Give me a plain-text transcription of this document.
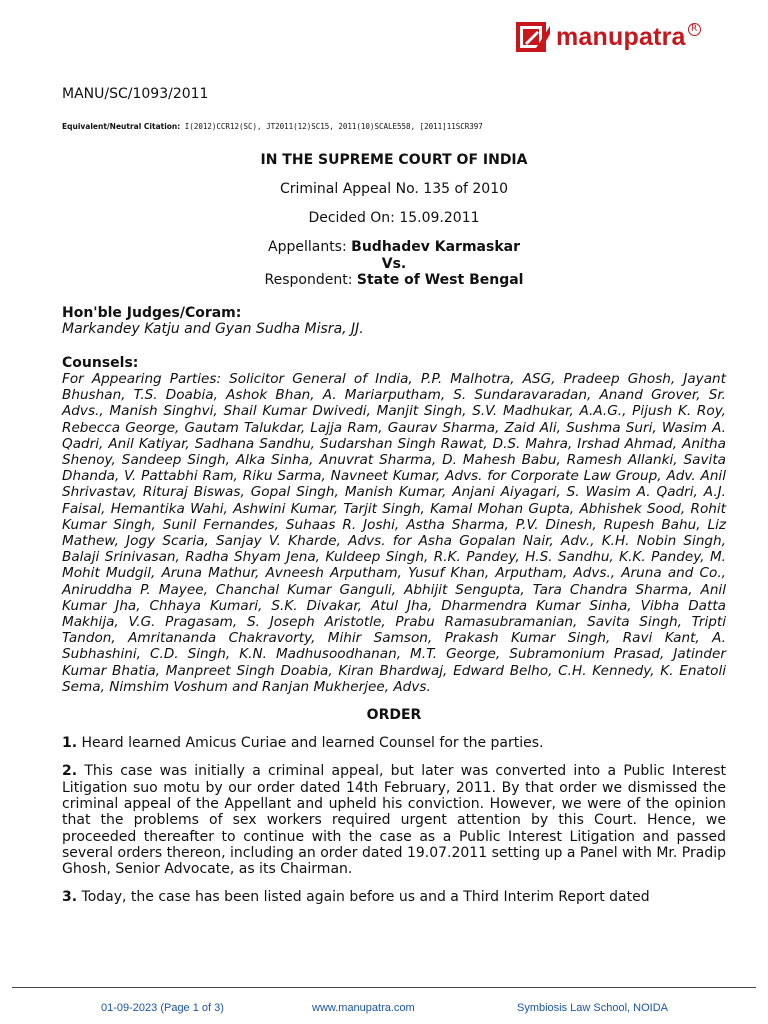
manupatra R

MANU/SC/1093/2011

Equivalent/Neutral Citation: I(2012)CCR12(SC), JT2011(12)SC15, 2011(10)SCALE558, [2011]11SCR397

IN THE SUPREME COURT OF INDIA

Criminal Appeal No. 135 of 2010

Decided On: 15.09.2011

Appellants: Budhadev Karmaskar
Vs.
Respondent: State of West Bengal

Hon'ble Judges/Coram:

Markandey Katju and Gyan Sudha Misra, JJ.

Counsels:

For Appearing Parties: Solicitor General of India, P.P. Malhotra, ASG, Pradeep Ghosh, Jayant Bhushan, T.S. Doabia, Ashok Bhan, A. Mariarputham, S. Sundaravaradan, Anand Grover, Sr. Advs., Manish Singhvi, Shail Kumar Dwivedi, Manjit Singh, S.V. Madhukar, A.A.G., Pijush K. Roy, Rebecca George, Gautam Talukdar, Lajja Ram, Gaurav Sharma, Zaid Ali, Sushma Suri, Wasim A. Qadri, Anil Katiyar, Sadhana Sandhu, Sudarshan Singh Rawat, D.S. Mahra, Irshad Ahmad, Anitha Shenoy, Sandeep Singh, Alka Sinha, Anuvrat Sharma, D. Mahesh Babu, Ramesh Allanki, Savita Dhanda, V. Pattabhi Ram, Riku Sarma, Navneet Kumar, Advs. for Corporate Law Group, Adv. Anil Shrivastav, Rituraj Biswas, Gopal Singh, Manish Kumar, Anjani Aiyagari, S. Wasim A. Qadri, A.J. Faisal, Hemantika Wahi, Ashwini Kumar, Tarjit Singh, Kamal Mohan Gupta, Abhishek Sood, Rohit Kumar Singh, Sunil Fernandes, Suhaas R. Joshi, Astha Sharma, P.V. Dinesh, Rupesh Bahu, Liz Mathew, Jogy Scaria, Sanjay V. Kharde, Advs. for Asha Gopalan Nair, Adv., K.H. Nobin Singh, Balaji Srinivasan, Radha Shyam Jena, Kuldeep Singh, R.K. Pandey, H.S. Sandhu, K.K. Pandey, M. Mohit Mudgil, Aruna Mathur, Avneesh Arputham, Yusuf Khan, Arputham, Advs., Aruna and Co., Aniruddha P. Mayee, Chanchal Kumar Ganguli, Abhijit Sengupta, Tara Chandra Sharma, Anil Kumar Jha, Chhaya Kumari, S.K. Divakar, Atul Jha, Dharmendra Kumar Sinha, Vibha Datta Makhija, V.G. Pragasam, S. Joseph Aristotle, Prabu Ramasubramanian, Savita Singh, Tripti Tandon, Amritananda Chakravorty, Mihir Samson, Prakash Kumar Singh, Ravi Kant, A. Subhashini, C.D. Singh, K.N. Madhusoodhanan, M.T. George, Subramonium Prasad, Jatinder Kumar Bhatia, Manpreet Singh Doabia, Kiran Bhardwaj, Edward Belho, C.H. Kennedy, K. Enatoli Sema, Nimshim Voshum and Ranjan Mukherjee, Advs.

ORDER

1. Heard learned Amicus Curiae and learned Counsel for the parties.

2. This case was initially a criminal appeal, but later was converted into a Public Interest Litigation suo motu by our order dated 14th February, 2011. By that order we dismissed the criminal appeal of the Appellant and upheld his conviction. However, we were of the opinion that the problems of sex workers required urgent attention by this Court. Hence, we proceeded thereafter to continue with the case as a Public Interest Litigation and passed several orders thereon, including an order dated 19.07.2011 setting up a Panel with Mr. Pradip Ghosh, Senior Advocate, as its Chairman.

3. Today, the case has been listed again before us and a Third Interim Report dated

01-09-2023 (Page 1 of 3)	www.manupatra.com	Symbiosis Law School, NOIDA
